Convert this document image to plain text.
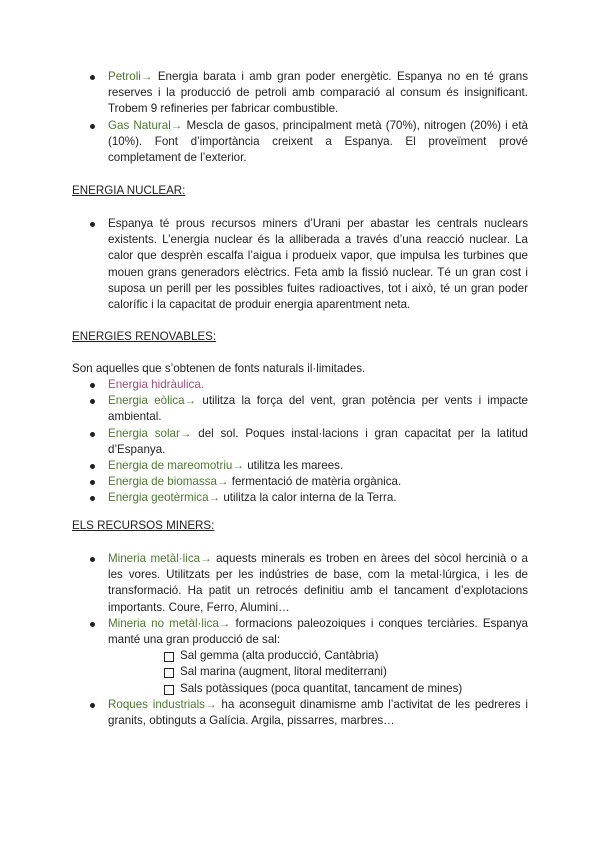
Petroli→ Energia barata i amb gran poder energètic. Espanya no en té grans reserves i la producció de petroli amb comparació al consum és insignificant. Trobem 9 refineries per fabricar combustible.
Gas Natural→ Mescla de gasos, principalment metà (70%), nitrogen (20%) i età (10%). Font d’importància creixent a Espanya. El proveïment prové completament de l’exterior.
ENERGIA NUCLEAR:
Espanya té prous recursos miners d’Urani per abastar les centrals nuclears existents. L’energia nuclear és la alliberada a través d’una reacció nuclear. La calor que desprèn escalfa l’aigua i produeix vapor, que impulsa les turbines que mouen grans generadors elèctrics. Feta amb la fissió nuclear. Té un gran cost i suposa un perill per les possibles fuites radioactives, tot i això, té un gran poder calorífic i la capacitat de produir energia aparentment neta.
ENERGIES RENOVABLES:
Son aquelles que s’obtenen de fonts naturals il·limitades.
Energia hidràulica.
Energia eòlica→ utilitza la força del vent, gran potència per vents i impacte ambiental.
Energia solar→ del sol. Poques instal·lacions i gran capacitat per la latitud d’Espanya.
Energia de mareomotriu→ utilitza les marees.
Energia de biomassa→ fermentació de matèria orgànica.
Energia geotèrmica→ utilitza la calor interna de la Terra.
ELS RECURSOS MINERS:
Mineria metàl·lica→ aquests minerals es troben en àrees del sòcol hercinià o a les vores. Utilitzats per les indústries de base, com la metal·lúrgica, i les de transformació. Ha patit un retrocés definitiu amb el tancament d’explotacions importants. Coure, Ferro, Alumini…
Mineria no metàl·lica→ formacions paleozoiques i conques terciàries. Espanya manté una gran producció de sal:
Sal gemma (alta producció, Cantàbria)
Sal marina (augment, litoral mediterrani)
Sals potàssiques (poca quantitat, tancament de mines)
Roques industrials→ ha aconseguit dinamisme amb l’activitat de les pedreres i granits, obtinguts a Galícia. Argila, pissarres, marbres…
